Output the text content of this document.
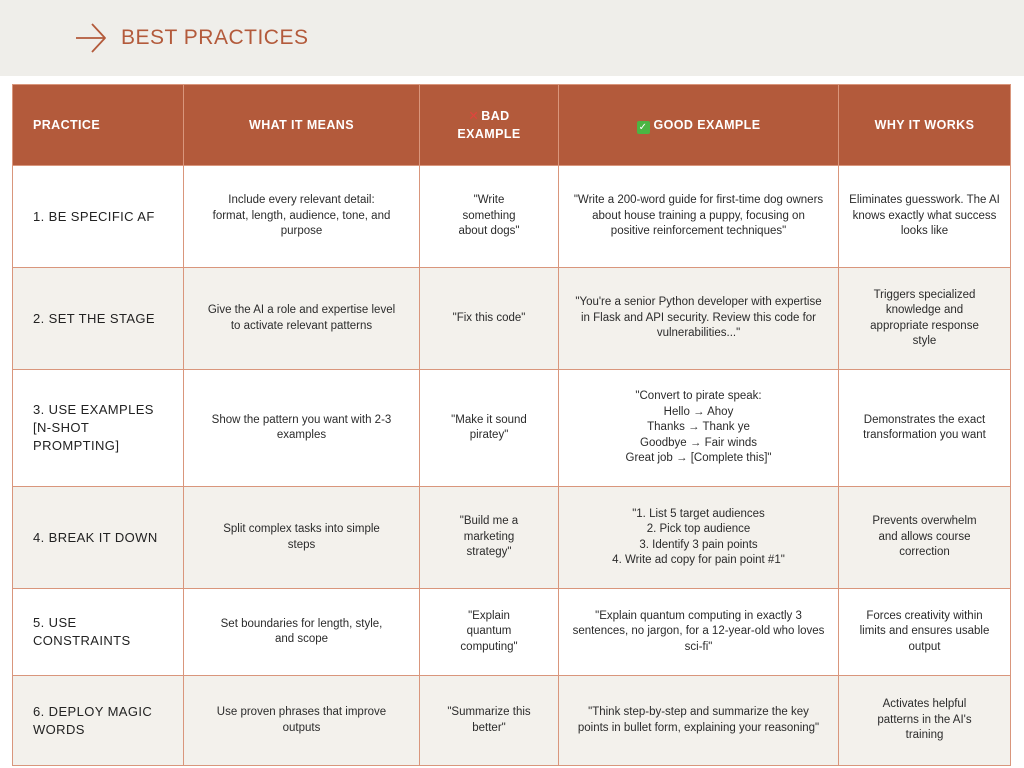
BEST PRACTICES
PRACTICE	WHAT IT MEANS	✕ BAD EXAMPLE	✓ GOOD EXAMPLE	WHY IT WORKS
1. BE SPECIFIC AF	Include every relevant detail: format, length, audience, tone, and purpose	"Write something about dogs"	"Write a 200-word guide for first-time dog owners about house training a puppy, focusing on positive reinforcement techniques"	Eliminates guesswork. The AI knows exactly what success looks like
2. SET THE STAGE	Give the AI a role and expertise level to activate relevant patterns	"Fix this code"	"You're a senior Python developer with expertise in Flask and API security. Review this code for vulnerabilities..."	Triggers specialized knowledge and appropriate response style
3. USE EXAMPLES [N-SHOT PROMPTING]	Show the pattern you want with 2-3 examples	"Make it sound piratey"	"Convert to pirate speak:
Hello → Ahoy
Thanks → Thank ye
Goodbye → Fair winds
Great job → [Complete this]"	Demonstrates the exact transformation you want
4. BREAK IT DOWN	Split complex tasks into simple steps	"Build me a marketing strategy"	"1. List 5 target audiences
2. Pick top audience
3. Identify 3 pain points
4. Write ad copy for pain point #1"	Prevents overwhelm and allows course correction
5. USE CONSTRAINTS	Set boundaries for length, style, and scope	"Explain quantum computing"	"Explain quantum computing in exactly 3 sentences, no jargon, for a 12-year-old who loves sci-fi"	Forces creativity within limits and ensures usable output
6. DEPLOY MAGIC WORDS	Use proven phrases that improve outputs	"Summarize this better"	"Think step-by-step and summarize the key points in bullet form, explaining your reasoning"	Activates helpful patterns in the AI's training
